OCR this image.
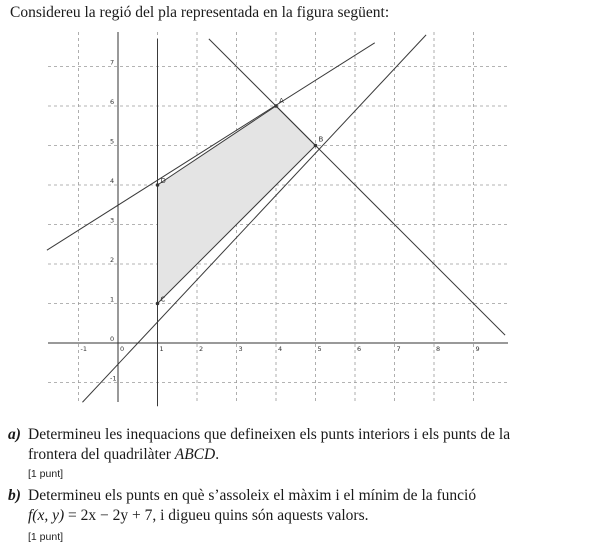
Considereu la regió del pla representada en la figura següent:

-1	0	1	2	3	4	5	6	7	8	9
-1
0
1
2
3
4
5
6
7
A
B
C
D
a) Determineu les inequacions que defineixen els punts interiors i els punts de la
frontera del quadrilàter ABCD.

[1 punt]

b) Determineu els punts en què s’assoleix el màxim i el mínim de la funció
f(x, y) = 2x − 2y + 7, i digueu quins són aquests valors.

[1 punt]
